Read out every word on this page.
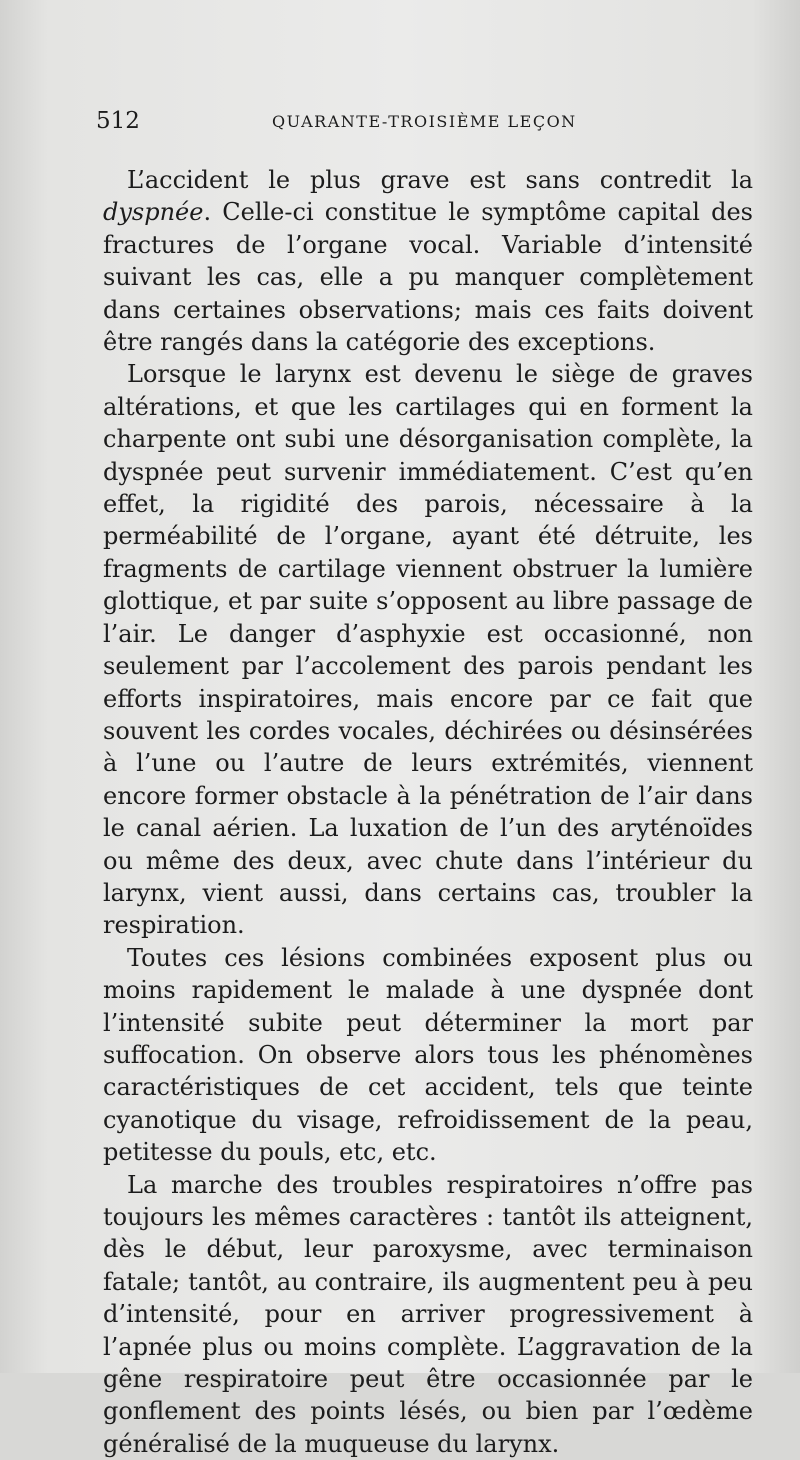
512	QUARANTE-TROISIÈME LEÇON

L’accident le plus grave est sans contredit la dyspnée. Celle-ci constitue le symptôme capital des fractures de l’organe vocal. Variable d’intensité suivant les cas, elle a pu manquer complètement dans certaines observations; mais ces faits doivent être rangés dans la catégorie des exceptions.

Lorsque le larynx est devenu le siège de graves altérations, et que les cartilages qui en forment la charpente ont subi une désorganisation complète, la dyspnée peut survenir immédiatement. C’est qu’en effet, la rigidité des parois, nécessaire à la perméabilité de l’organe, ayant été détruite, les fragments de cartilage viennent obstruer la lumière glottique, et par suite s’opposent au libre passage de l’air. Le danger d’asphyxie est occasionné, non seulement par l’accolement des parois pendant les efforts inspiratoires, mais encore par ce fait que souvent les cordes vocales, déchirées ou désinsérées à l’une ou l’autre de leurs extrémités, viennent encore former obstacle à la pénétration de l’air dans le canal aérien. La luxation de l’un des aryténoïdes ou même des deux, avec chute dans l’intérieur du larynx, vient aussi, dans certains cas, troubler la respiration.

Toutes ces lésions combinées exposent plus ou moins rapidement le malade à une dyspnée dont l’intensité subite peut déterminer la mort par suffocation. On observe alors tous les phénomènes caractéristiques de cet accident, tels que teinte cyanotique du visage, refroidissement de la peau, petitesse du pouls, etc, etc.

La marche des troubles respiratoires n’offre pas toujours les mêmes caractères : tantôt ils atteignent, dès le début, leur paroxysme, avec terminaison fatale; tantôt, au contraire, ils augmentent peu à peu d’intensité, pour en arriver progressivement à l’apnée plus ou moins complète. L’aggravation de la gêne respiratoire peut être occasionnée par le gonflement des points lésés, ou bien par l’œdème généralisé de la muqueuse du larynx.
